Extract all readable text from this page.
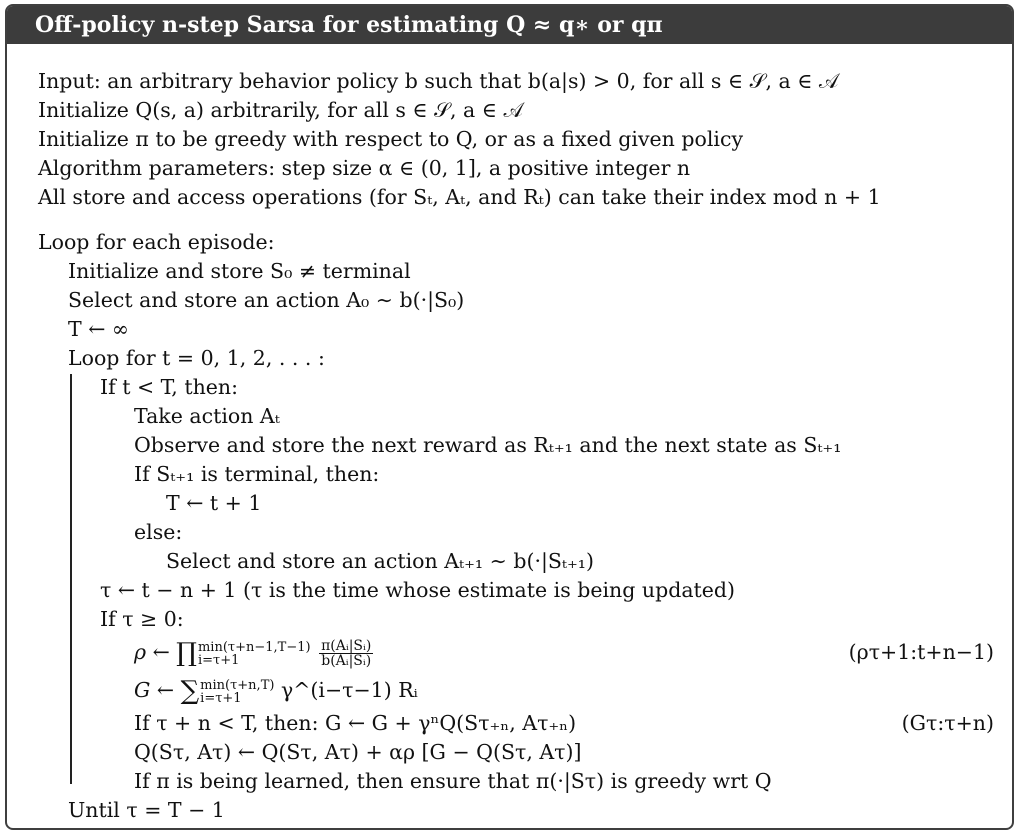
Off-policy n-step Sarsa for estimating Q ≈ q∗ or qπ
Input: an arbitrary behavior policy b such that b(a|s) > 0, for all s ∈ 𝒮, a ∈ 𝒜
Initialize Q(s, a) arbitrarily, for all s ∈ 𝒮, a ∈ 𝒜
Initialize π to be greedy with respect to Q, or as a fixed given policy
Algorithm parameters: step size α ∈ (0, 1], a positive integer n
All store and access operations (for Sₜ, Aₜ, and Rₜ) can take their index mod n + 1
Loop for each episode:
Initialize and store S₀ ≠ terminal
Select and store an action A₀ ∼ b(·|S₀)
T ← ∞
Loop for t = 0, 1, 2, . . . :
If t < T, then:
Take action Aₜ
Observe and store the next reward as Rₜ₊₁ and the next state as Sₜ₊₁
If Sₜ₊₁ is terminal, then:
T ← t + 1
else:
Select and store an action Aₜ₊₁ ∼ b(·|Sₜ₊₁)
τ ← t − n + 1 (τ is the time whose estimate is being updated)
If τ ≥ 0:
ρ ← ∏ min(τ+n−1,T−1)
i=τ+1
	$\frac{\text{π(Aᵢ|Sᵢ)}}{\text{b(Aᵢ|Sᵢ)}}$	(ρτ+1:t+n−1)
G ← ∑ min(τ+n,T)
i=τ+1	γ^(i−τ−1) Rᵢ
If τ + n < T, then: G ← G + γⁿQ(Sτ₊ₙ, Aτ₊ₙ)	(Gτ:τ+n)
Q(Sτ, Aτ) ← Q(Sτ, Aτ) + αρ [G − Q(Sτ, Aτ)]
If π is being learned, then ensure that π(·|Sτ) is greedy wrt Q
Until τ = T − 1
